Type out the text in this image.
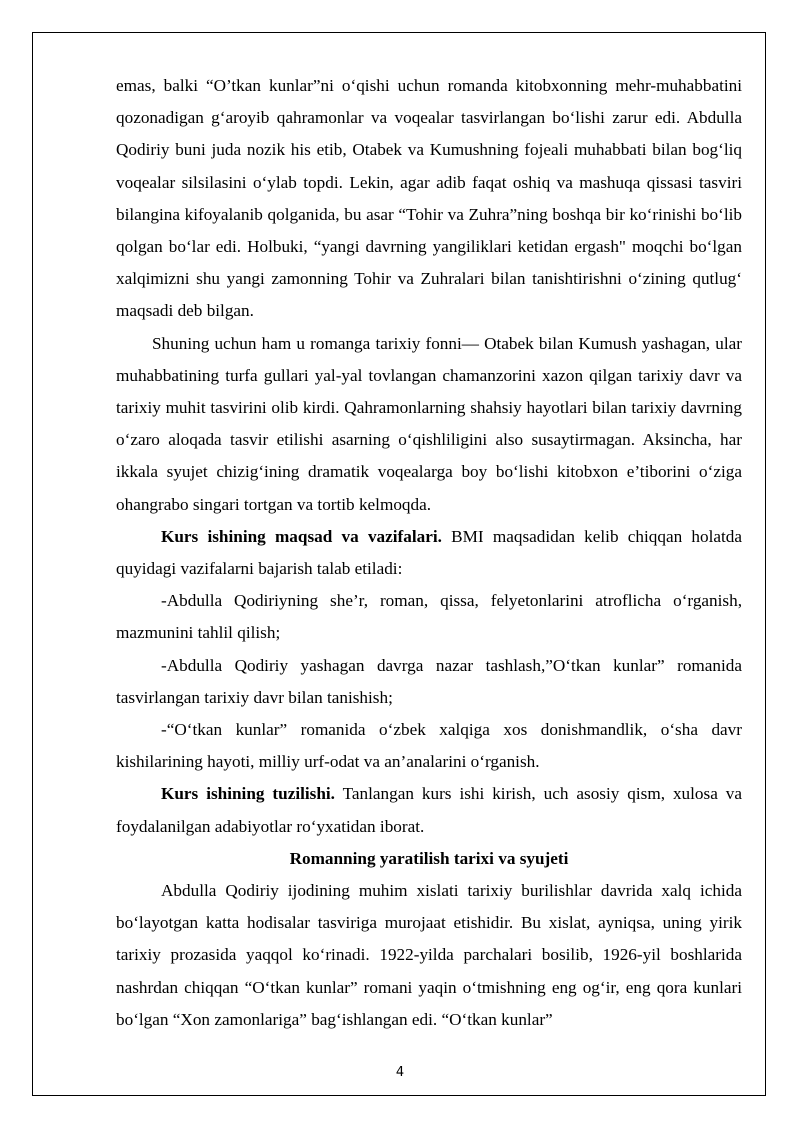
emas, balki “O’tkan kunlar”ni o‘qishi uchun romanda kitobxonning mehr-muhabbatini qozonadigan g‘aroyib qahramonlar va voqealar tasvirlangan bo‘lishi zarur edi. Abdulla Qodiriy buni juda nozik his etib, Otabek va Kumushning fojeali muhabbati bilan bog‘liq voqealar silsilasini o‘ylab topdi. Lekin, agar adib faqat oshiq va mashuqa qissasi tasviri bilangina kifoyalanib qolganida, bu asar “Tohir va Zuhra”ning boshqa bir ko‘rinishi bo‘lib qolgan bo‘lar edi. Holbuki, “yangi davrning yangiliklari ketidan ergash" moqchi bo‘lgan xalqimizni shu yangi zamonning Tohir va Zuhralari bilan tanishtirishni o‘zining qutlug‘ maqsadi deb bilgan.

Shuning uchun ham u romanga tarixiy fonni— Otabek bilan Kumush yashagan, ular muhabbatining turfa gullari yal-yal tovlangan chamanzorini xazon qilgan tarixiy davr va tarixiy muhit tasvirini olib kirdi. Qahramonlarning shahsiy hayotlari bilan tarixiy davrning o‘zaro aloqada tasvir etilishi asarning o‘qishliligini also susaytirmagan. Aksincha, har ikkala syujet chizig‘ining dramatik voqealarga boy bo‘lishi kitobxon e’tiborini o‘ziga ohangrabo singari tortgan va tortib kelmoqda.

Kurs ishining maqsad va vazifalari. BMI maqsadidan kelib chiqqan holatda quyidagi vazifalarni bajarish talab etiladi:

-Abdulla Qodiriyning she’r, roman, qissa, felyetonlarini atroflicha o‘rganish, mazmunini tahlil qilish;

-Abdulla Qodiriy yashagan davrga nazar tashlash,”O‘tkan kunlar” romanida tasvirlangan tarixiy davr bilan tanishish;

-“O‘tkan kunlar” romanida o‘zbek xalqiga xos donishmandlik, o‘sha davr kishilarining hayoti, milliy urf-odat va an’analarini o‘rganish.

Kurs ishining tuzilishi. Tanlangan kurs ishi kirish, uch asosiy qism, xulosa va foydalanilgan adabiyotlar ro‘yxatidan iborat.

Romanning yaratilish tarixi va syujeti

Abdulla Qodiriy ijodining muhim xislati tarixiy burilishlar davrida xalq ichida bo‘layotgan katta hodisalar tasviriga murojaat etishidir. Bu xislat, ayniqsa, uning yirik tarixiy prozasida yaqqol ko‘rinadi. 1922-yilda parchalari bosilib, 1926-yil boshlarida nashrdan chiqqan “O‘tkan kunlar” romani yaqin o‘tmishning eng og‘ir, eng qora kunlari bo‘lgan “Xon zamonlariga” bag‘ishlangan edi. “O‘tkan kunlar”

4
